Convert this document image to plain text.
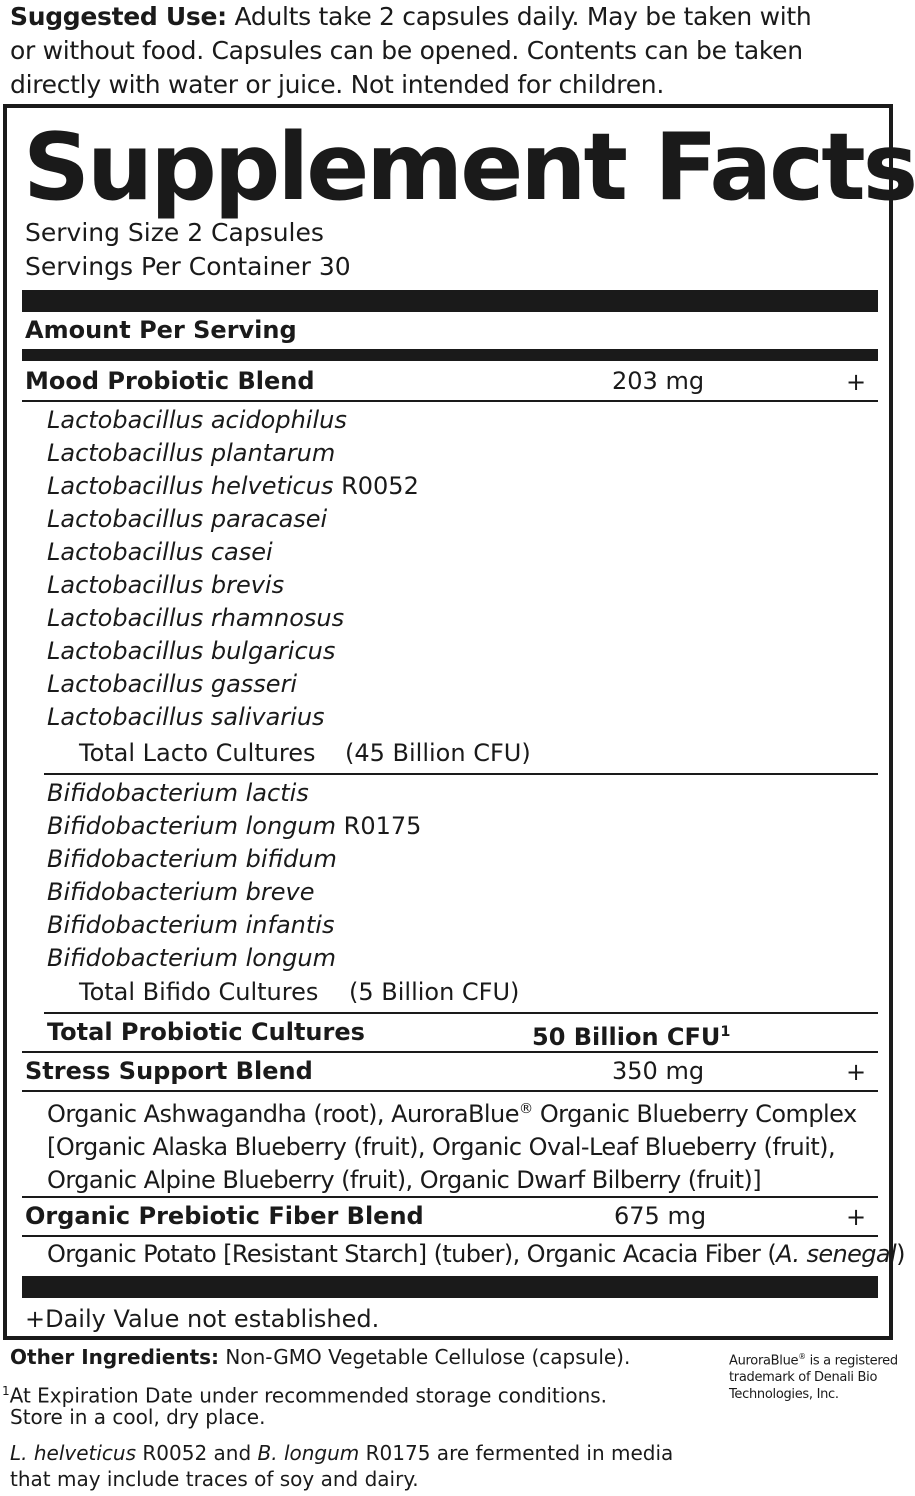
Suggested Use: Adults take 2 capsules daily. May be taken with
or without food. Capsules can be opened. Contents can be taken
directly with water or juice. Not intended for children.
Supplement Facts
Serving Size 2 Capsules
Servings Per Container 30
Amount Per Serving
Mood Probiotic Blend	203 mg	+
Lactobacillus acidophilus
Lactobacillus plantarum
Lactobacillus helveticus R0052
Lactobacillus paracasei
Lactobacillus casei
Lactobacillus brevis
Lactobacillus rhamnosus
Lactobacillus bulgaricus
Lactobacillus gasseri
Lactobacillus salivarius
Total Lacto Cultures (45 Billion CFU)
Bifidobacterium lactis
Bifidobacterium longum R0175
Bifidobacterium bifidum
Bifidobacterium breve
Bifidobacterium infantis
Bifidobacterium longum
Total Bifido Cultures (5 Billion CFU)
Total Probiotic Cultures	50 Billion CFU$^1$
Stress Support Blend	350 mg	+
Organic Ashwagandha (root), AuroraBlue® Organic Blueberry Complex
[Organic Alaska Blueberry (fruit), Organic Oval-Leaf Blueberry (fruit),
Organic Alpine Blueberry (fruit), Organic Dwarf Bilberry (fruit)]
Organic Prebiotic Fiber Blend	675 mg	+
Organic Potato [Resistant Starch] (tuber), Organic Acacia Fiber (A. senegal)
+Daily Value not established.
Other Ingredients: Non-GMO Vegetable Cellulose (capsule).
$^1$At Expiration Date under recommended storage conditions.
Store in a cool, dry place.
L. helveticus R0052 and B. longum R0175 are fermented in media
that may include traces of soy and dairy.
AuroraBlue® is a registered
trademark of Denali Bio
Technologies, Inc.
